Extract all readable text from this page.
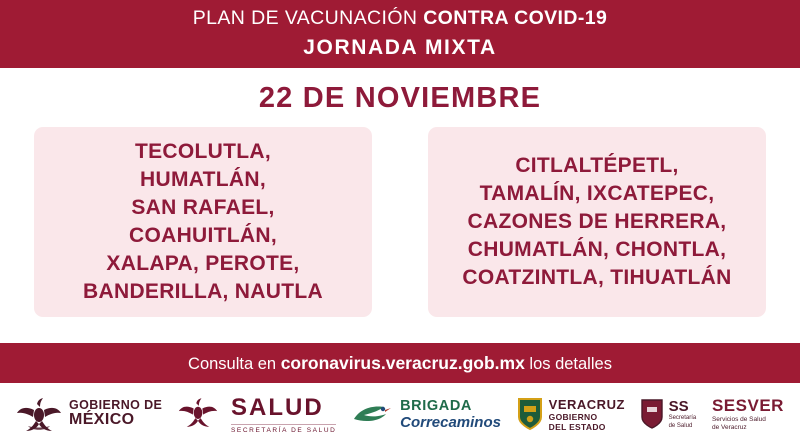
PLAN DE VACUNACIÓN CONTRA COVID-19
JORNADA MIXTA
22 DE NOVIEMBRE
TECOLUTLA,
HUMATLÁN,
SAN RAFAEL,
COAHUITLÁN,
XALAPA, PEROTE,
BANDERILLA, NAUTLA
CITLALTÉPETL,
TAMALÍN, IXCATEPEC,
CAZONES DE HERRERA,
CHUMATLÁN, CHONTLA,
COATZINTLA, TIHUATLÁN
Consulta en coronavirus.veracruz.gob.mx los detalles
GOBIERNO DE
MÉXICO	SALUD
SECRETARÍA DE SALUD
BRIGADA
Correcaminos
VERACRUZ
GOBIERNO
DEL ESTADO
SS
Secretaría
de Salud
SESVER
Servicios de Salud
de Veracruz
